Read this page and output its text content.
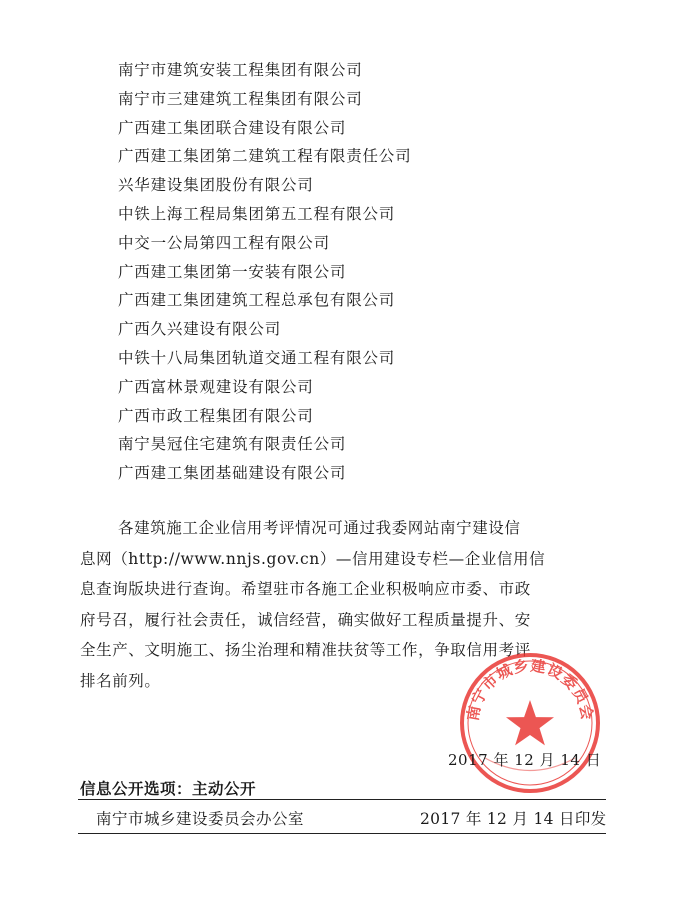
南宁市建筑安装工程集团有限公司
南宁市三建建筑工程集团有限公司
广西建工集团联合建设有限公司
广西建工集团第二建筑工程有限责任公司
兴华建设集团股份有限公司
中铁上海工程局集团第五工程有限公司
中交一公局第四工程有限公司
广西建工集团第一安装有限公司
广西建工集团建筑工程总承包有限公司
广西久兴建设有限公司
中铁十八局集团轨道交通工程有限公司
广西富林景观建设有限公司
广西市政工程集团有限公司
南宁昊冠住宅建筑有限责任公司
广西建工集团基础建设有限公司

各建筑施工企业信用考评情况可通过我委网站南宁建设信
息网（http://www.nnjs.gov.cn）—信用建设专栏—企业信用信
息查询版块进行查询。希望驻市各施工企业积极响应市委、市政
府号召，履行社会责任，诚信经营，确实做好工程质量提升、安
全生产、文明施工、扬尘治理和精准扶贫等工作，争取信用考评
排名前列。

南宁市城乡建设委员会
2017 年 12 月 14 日
信息公开选项：主动公开
南宁市城乡建设委员会办公室	2017 年 12 月 14 日印发
